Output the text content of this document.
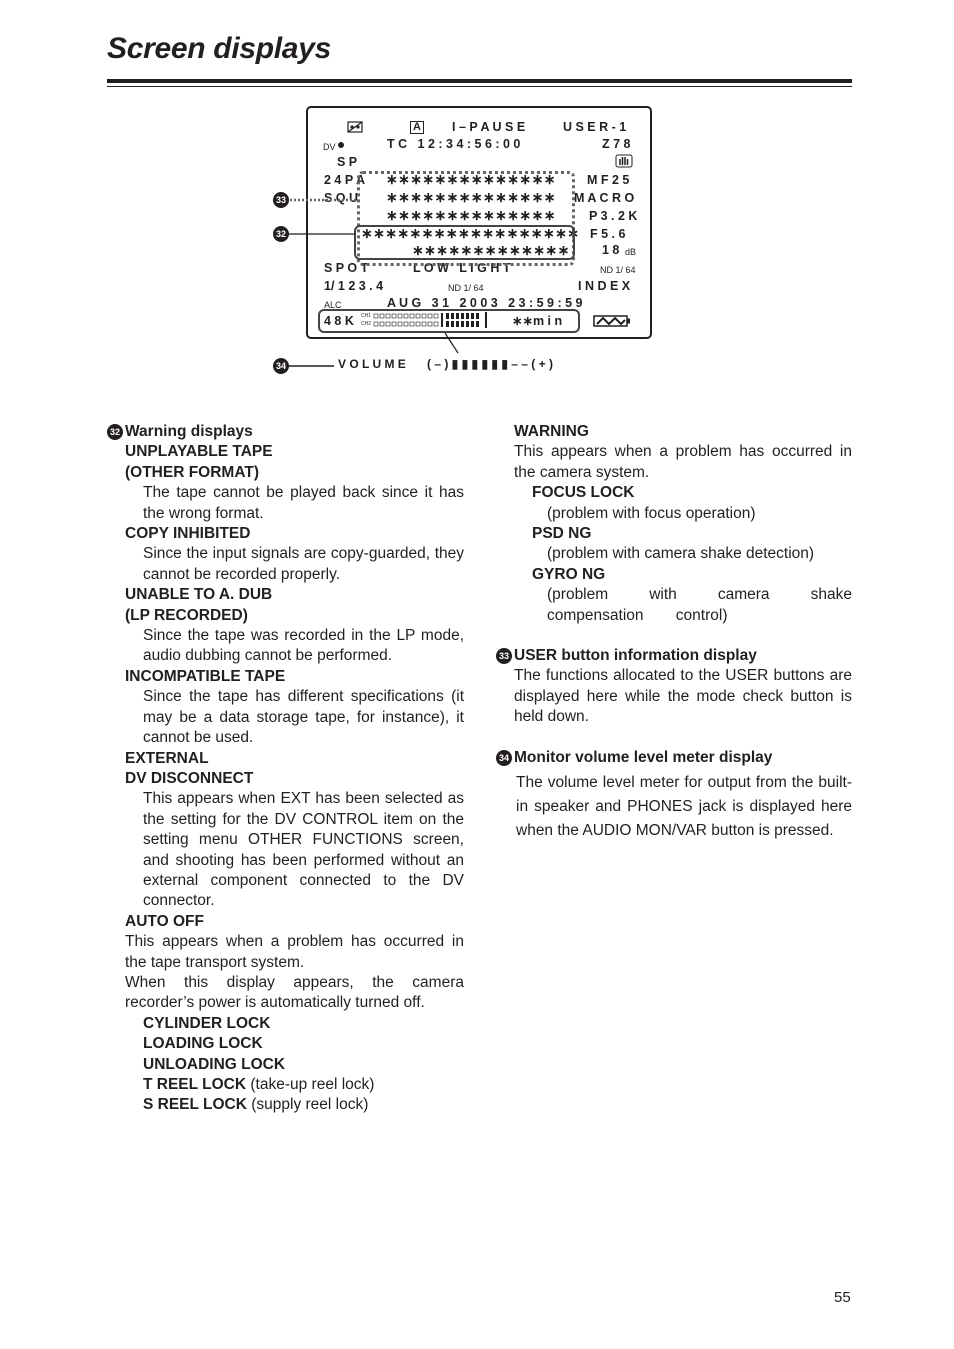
Screen displays
A I – P A U S E	U S E R - 1
DV	T C   1 2 : 3 4 : 5 6 : 0 0	Z 7 8
S P
2 4 P A ∗∗∗∗∗∗∗∗∗∗∗∗∗∗ M F 2 5
S Q U ∗∗∗∗∗∗∗∗∗∗∗∗∗∗ M A C R O
∗∗∗∗∗∗∗∗∗∗∗∗∗∗	P 3 . 2 K
∗∗∗∗∗∗∗∗∗∗∗∗∗∗∗∗∗∗ F 5 . 6
∗∗∗∗∗∗∗∗∗∗∗∗∗	1 8 dB
S P O T	L O W   L I G H T	ND 1/ 64
1/ 1 2 3 . 4	ND 1/ 64	I N D E X
ALC	A U G   3 1   2 0 0 3   2 3 : 5 9 : 5 9
4 8 K CH1
CH2	∗∗m i n
33
32
34	V O L U M E ( – ) ▮ ▮ ▮ ▮ ▮ ▮ – – ( + )

32 Warning displays

UNPLAYABLE TAPE

(OTHER FORMAT)

The tape cannot be played back since it has the wrong format.

COPY INHIBITED

Since the input signals are copy-guarded, they cannot be recorded properly.

UNABLE TO A. DUB

(LP RECORDED)

Since the tape was recorded in the LP mode, audio dubbing cannot be performed.

INCOMPATIBLE TAPE

Since the tape has different specifications (it may be a data storage tape, for instance), it cannot be used.

EXTERNAL

DV DISCONNECT

This appears when EXT has been selected as the setting for the DV CONTROL item on the setting menu OTHER FUNCTIONS screen, and shooting has been performed without an external component connected to the DV connector.

AUTO OFF

This appears when a problem has occurred in the tape transport system.

When this display appears, the camera recorder’s power is automatically turned off.

CYLINDER LOCK

LOADING LOCK

UNLOADING LOCK

T REEL LOCK (take-up reel lock)

S REEL LOCK (supply reel lock)

WARNING

This appears when a problem has occurred in the camera system.

FOCUS LOCK

(problem with focus operation)

PSD NG

(problem with camera shake detection)

GYRO NG

(problem with camera shake compensation control)

33 USER button information display

The functions allocated to the USER buttons are displayed here while the mode check button is held down.

34 Monitor volume level meter display

The volume level meter for output from the built-in speaker and PHONES jack is displayed here when the AUDIO MON/VAR button is pressed.

55
